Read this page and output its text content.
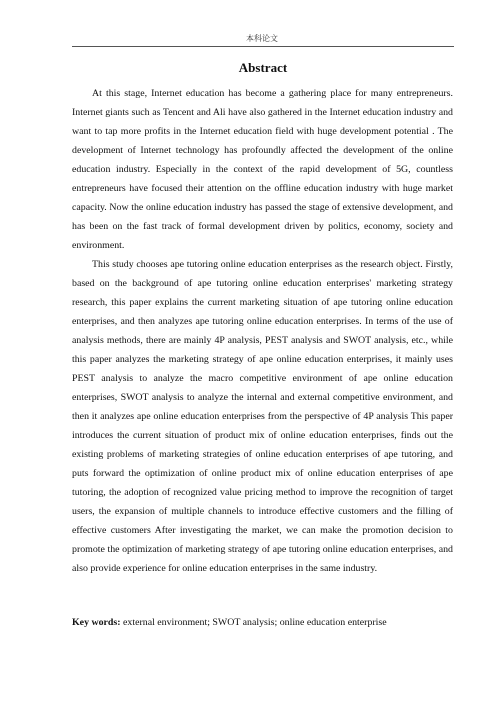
本科论文
Abstract

At this stage, Internet education has become a gathering place for many entrepreneurs. Internet giants such as Tencent and Ali have also gathered in the Internet education industry and want to tap more profits in the Internet education field with huge development potential . The development of Internet technology has profoundly affected the development of the online education industry. Especially in the context of the rapid development of 5G, countless entrepreneurs have focused their attention on the offline education industry with huge market capacity. Now the online education industry has passed the stage of extensive development, and has been on the fast track of formal development driven by politics, economy, society and environment.

This study chooses ape tutoring online education enterprises as the research object. Firstly, based on the background of ape tutoring online education enterprises' marketing strategy research, this paper explains the current marketing situation of ape tutoring online education enterprises, and then analyzes ape tutoring online education enterprises. In terms of the use of analysis methods, there are mainly 4P analysis, PEST analysis and SWOT analysis, etc., while this paper analyzes the marketing strategy of ape online education enterprises, it mainly uses PEST analysis to analyze the macro competitive environment of ape online education enterprises, SWOT analysis to analyze the internal and external competitive environment, and then it analyzes ape online education enterprises from the perspective of 4P analysis This paper introduces the current situation of product mix of online education enterprises, finds out the existing problems of marketing strategies of online education enterprises of ape tutoring, and puts forward the optimization of online product mix of online education enterprises of ape tutoring, the adoption of recognized value pricing method to improve the recognition of target users, the expansion of multiple channels to introduce effective customers and the filling of effective customers After investigating the market, we can make the promotion decision to promote the optimization of marketing strategy of ape tutoring online education enterprises, and also provide experience for online education enterprises in the same industry.

Key words: external environment; SWOT analysis; online education enterprise
